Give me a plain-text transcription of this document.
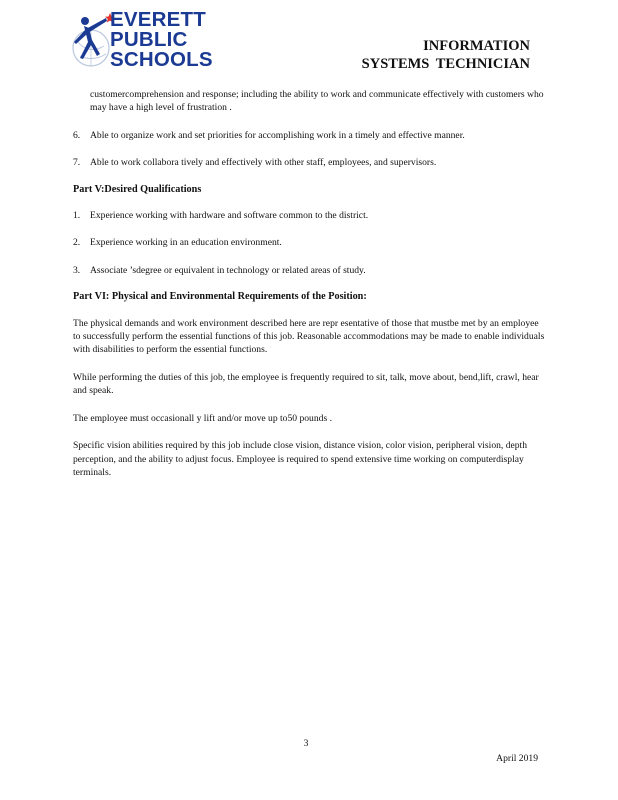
EVERETT
PUBLIC
SCHOOLS
INFORMATION
SYSTEMS TECHNICIAN

customercomprehension and response; including the ability to work and communicate effectively with customers who may have a high level of frustration .

6.	Able to organize work and set priorities for accomplishing work in a timely and effective manner.
7.	Able to work collabora tively and effectively with other staff, employees, and supervisors.

Part V:Desired Qualifications

1.	Experience working with hardware and software common to the district.
2.	Experience working in an education environment.
3.	Associate ’sdegree or equivalent in technology or related areas of study.

Part VI: Physical and Environmental Requirements of the Position:

The physical demands and work environment described here are repr esentative of those that mustbe met by an employee to successfully perform the essential functions of this job. Reasonable accommodations may be made to enable individuals with disabilities to perform the essential functions.

While performing the duties of this job, the employee is frequently required to sit, talk, move about, bend,lift, crawl, hear and speak.

The employee must occasionall y lift and/or move up to50 pounds .

Specific vision abilities required by this job include close vision, distance vision, color vision, peripheral vision, depth perception, and the ability to adjust focus. Employee is required to spend extensive time working on computerdisplay terminals.

3
April 2019
